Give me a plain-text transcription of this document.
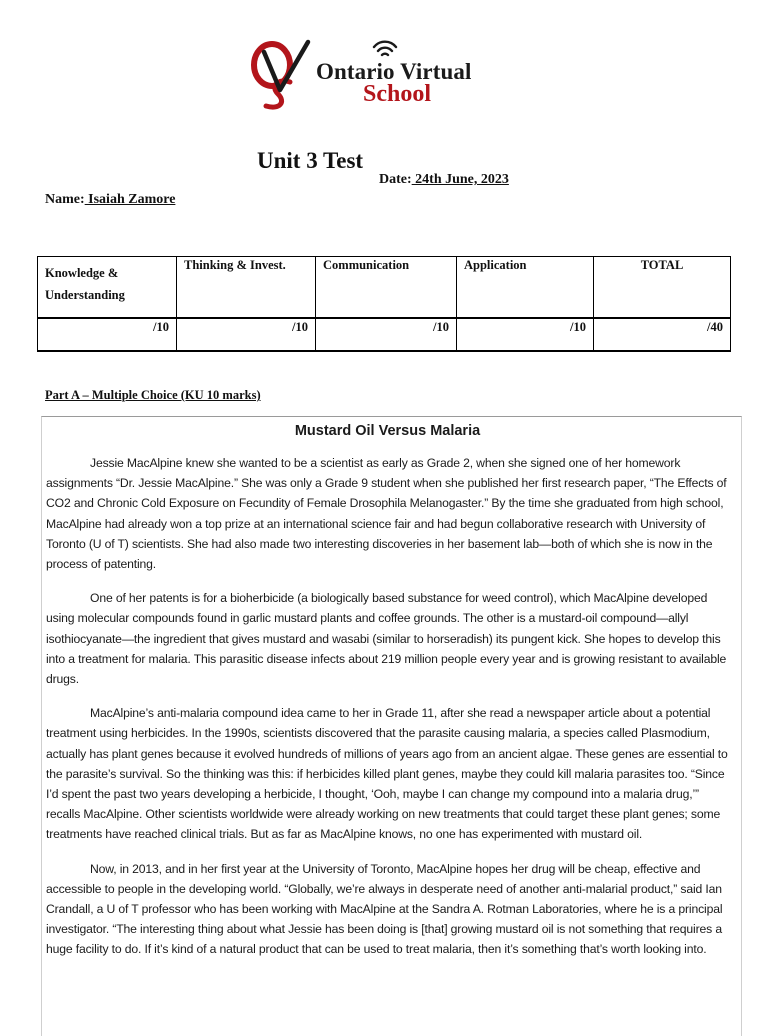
Ontario Virtual
School
Unit 3 Test
Date: 24th June, 2023
Name: Isaiah Zamore
Knowledge &
Understanding	Thinking & Invest.	Communication	Application	TOTAL
/10	/10	/10	/10	/40
Part A – Multiple Choice (KU 10 marks)
Mustard Oil Versus Malaria

Jessie MacAlpine knew she wanted to be a scientist as early as Grade 2, when she signed one of her homework assignments “Dr. Jessie MacAlpine.” She was only a Grade 9 student when she published her first research paper, “The Effects of CO2 and Chronic Cold Exposure on Fecundity of Female Drosophila Melanogaster.” By the time she graduated from high school, MacAlpine had already won a top prize at an international science fair and had begun collaborative research with University of Toronto (U of T) scientists. She had also made two interesting discoveries in her basement lab—both of which she is now in the process of patenting.

One of her patents is for a bioherbicide (a biologically based substance for weed control), which MacAlpine developed using molecular compounds found in garlic mustard plants and coffee grounds. The other is a mustard-oil compound—allyl isothiocyanate—the ingredient that gives mustard and wasabi (similar to horseradish) its pungent kick. She hopes to develop this into a treatment for malaria. This parasitic disease infects about 219 million people every year and is growing resistant to available drugs.

MacAlpine’s anti-malaria compound idea came to her in Grade 11, after she read a newspaper article about a potential treatment using herbicides. In the 1990s, scientists discovered that the parasite causing malaria, a species called Plasmodium, actually has plant genes because it evolved hundreds of millions of years ago from an ancient algae. These genes are essential to the parasite’s survival. So the thinking was this: if herbicides killed plant genes, maybe they could kill malaria parasites too. “Since I’d spent the past two years developing a herbicide, I thought, ‘Ooh, maybe I can change my compound into a malaria drug,’” recalls MacAlpine. Other scientists worldwide were already working on new treatments that could target these plant genes; some treatments have reached clinical trials. But as far as MacAlpine knows, no one has experimented with mustard oil.

Now, in 2013, and in her first year at the University of Toronto, MacAlpine hopes her drug will be cheap, effective and accessible to people in the developing world. “Globally, we’re always in desperate need of another anti-malarial product,” said Ian Crandall, a U of T professor who has been working with MacAlpine at the Sandra A. Rotman Laboratories, where he is a principal investigator. “The interesting thing about what Jessie has been doing is [that] growing mustard oil is not something that requires a huge facility to do. If it’s kind of a natural product that can be used to treat malaria, then it’s something that’s worth looking into.
